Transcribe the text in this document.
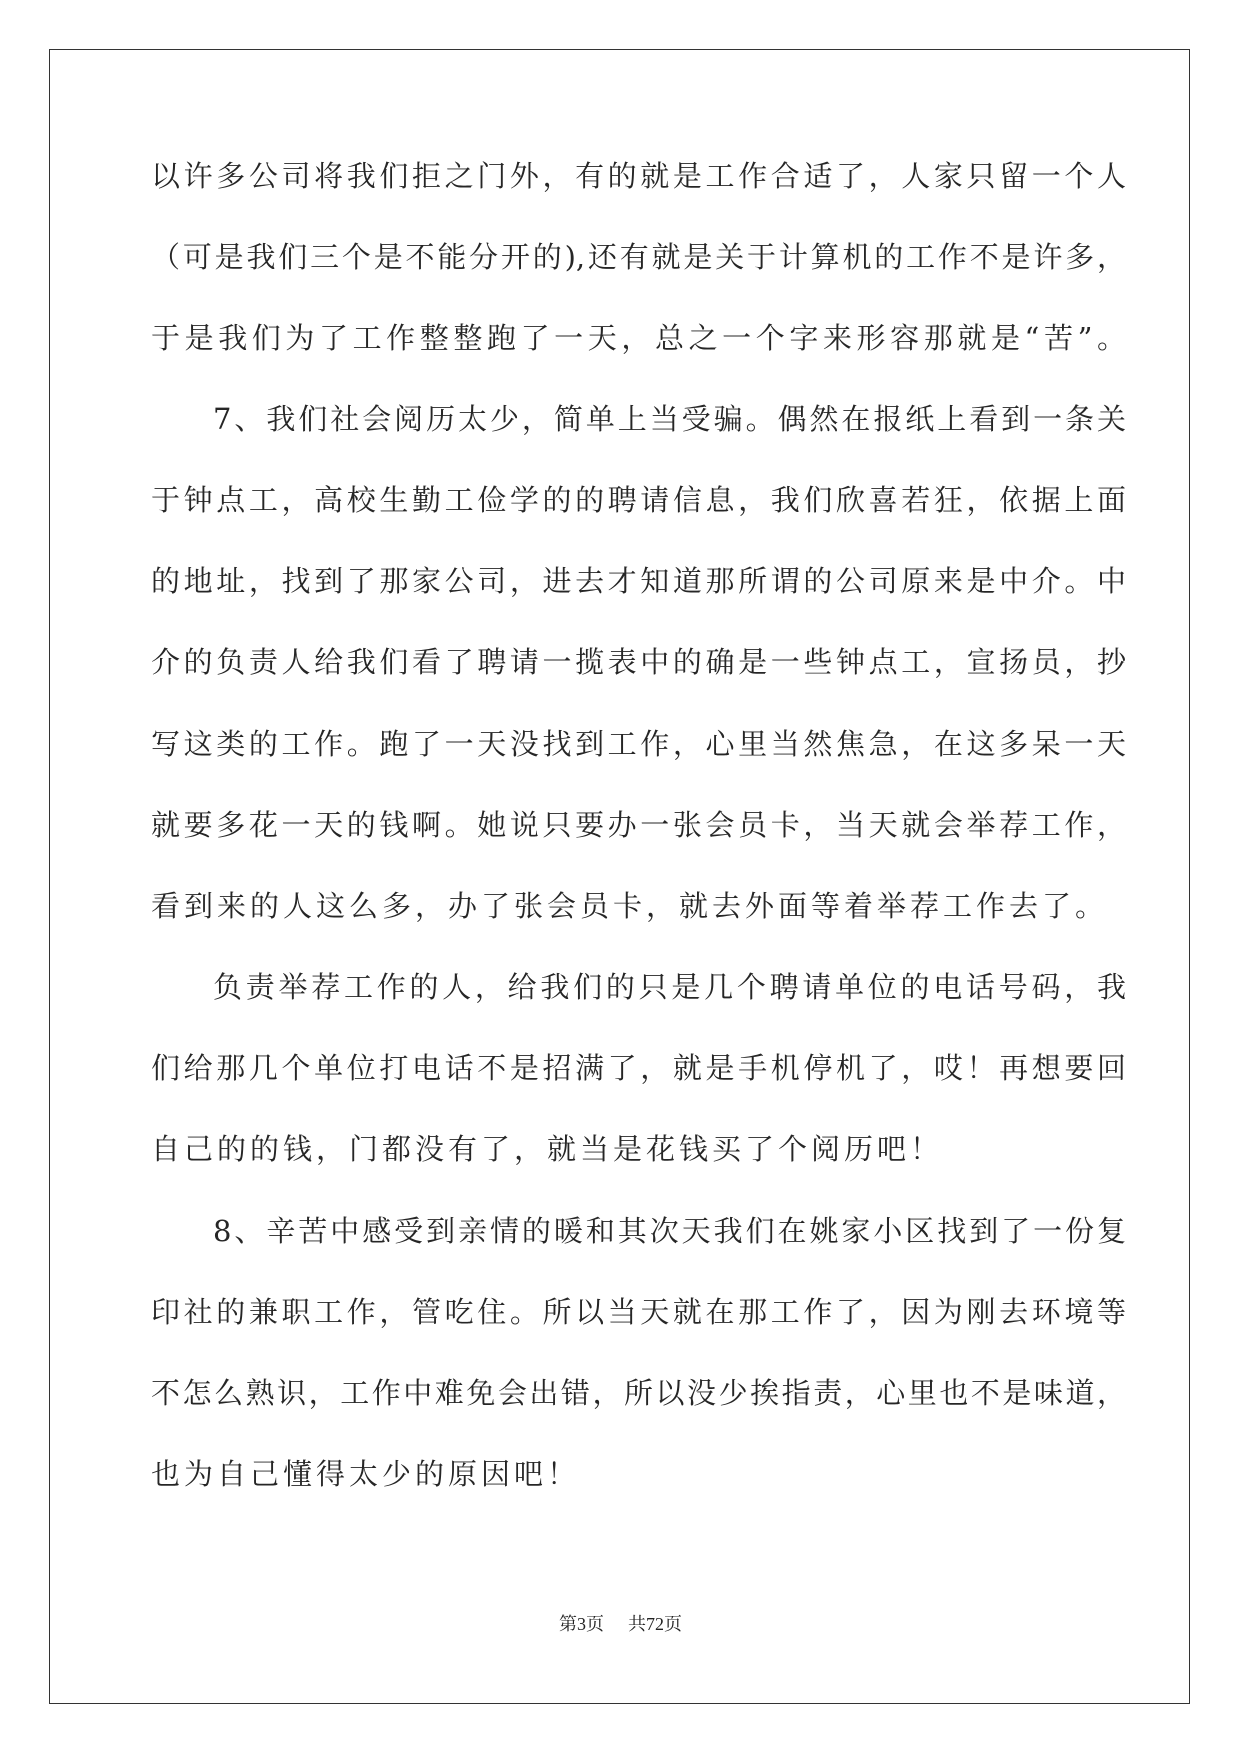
以许多公司将我们拒之门外，有的就是工作合适了，人家只留一个人
（可是我们三个是不能分开的),还有就是关于计算机的工作不是许多，
于是我们为了工作整整跑了一天，总之一个字来形容那就是“苦”。
7、我们社会阅历太少，简单上当受骗。偶然在报纸上看到一条关
于钟点工，高校生勤工俭学的的聘请信息，我们欣喜若狂，依据上面
的地址，找到了那家公司，进去才知道那所谓的公司原来是中介。中
介的负责人给我们看了聘请一揽表中的确是一些钟点工，宣扬员，抄
写这类的工作。跑了一天没找到工作，心里当然焦急，在这多呆一天
就要多花一天的钱啊。她说只要办一张会员卡，当天就会举荐工作，
看到来的人这么多，办了张会员卡，就去外面等着举荐工作去了。
负责举荐工作的人，给我们的只是几个聘请单位的电话号码，我
们给那几个单位打电话不是招满了，就是手机停机了，哎！再想要回
自己的的钱，门都没有了，就当是花钱买了个阅历吧！
8、辛苦中感受到亲情的暖和其次天我们在姚家小区找到了一份复
印社的兼职工作，管吃住。所以当天就在那工作了，因为刚去环境等
不怎么熟识，工作中难免会出错，所以没少挨指责，心里也不是味道，
也为自己懂得太少的原因吧！
第3页 共72页
